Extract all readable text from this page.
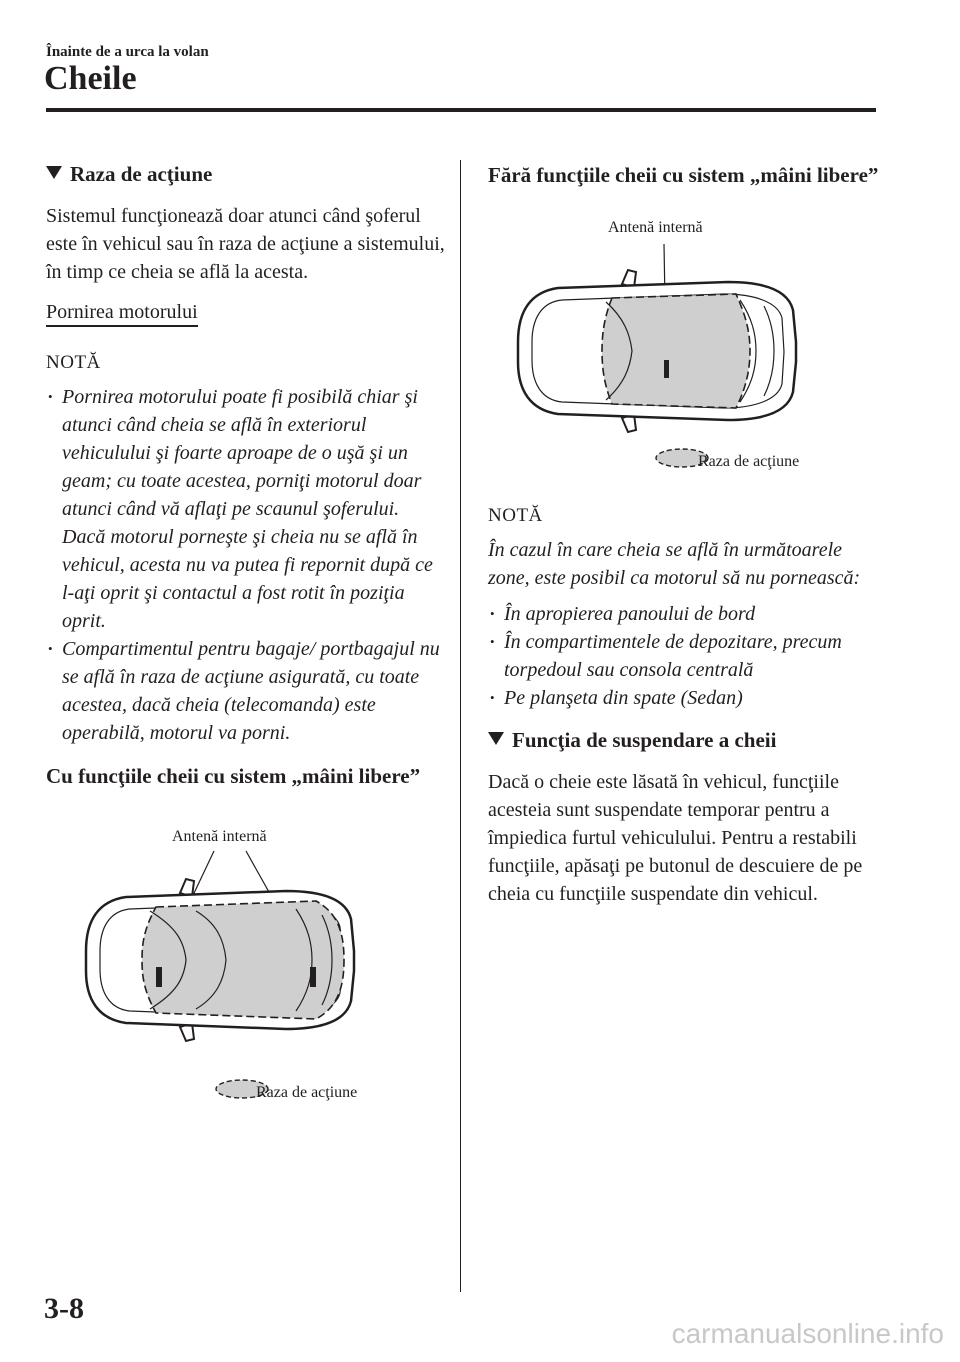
Înainte de a urca la volan
Cheile
Raza de acţiune

Sistemul funcţionează doar atunci când şoferul este în vehicul sau în raza de acţiune a sistemului, în timp ce cheia se află la acesta.

Pornirea motorului
NOTĂ
• Pornirea motorului poate fi posibilă chiar şi atunci când cheia se află în exteriorul vehiculului şi foarte aproape de o uşă şi un geam; cu toate acestea, porniţi motorul doar atunci când vă aflaţi pe scaunul şoferului. Dacă motorul porneşte şi cheia nu se află în vehicul, acesta nu va putea fi repornit după ce l-aţi oprit şi contactul a fost rotit în poziţia oprit.
• Compartimentul pentru bagaje/ portbagajul nu se află în raza de acţiune asigurată, cu toate acestea, dacă cheia (telecomanda) este operabilă, motorul va porni.
Cu funcţiile cheii cu sistem „mâini libere”
Antenă internă
Raza de acţiune
Fără funcţiile cheii cu sistem „mâini libere”
Antenă internă
Raza de acţiune
NOTĂ

În cazul în care cheia se află în următoarele zone, este posibil ca motorul să nu pornească:

• În apropierea panoului de bord
• În compartimentele de depozitare, precum torpedoul sau consola centrală
• Pe planşeta din spate (Sedan)
Funcţia de suspendare a cheii

Dacă o cheie este lăsată în vehicul, funcţiile acesteia sunt suspendate temporar pentru a împiedica furtul vehiculului. Pentru a restabili funcţiile, apăsaţi pe butonul de descuiere de pe cheia cu funcţiile suspendate din vehicul.

3-8
carmanualsonline.info
